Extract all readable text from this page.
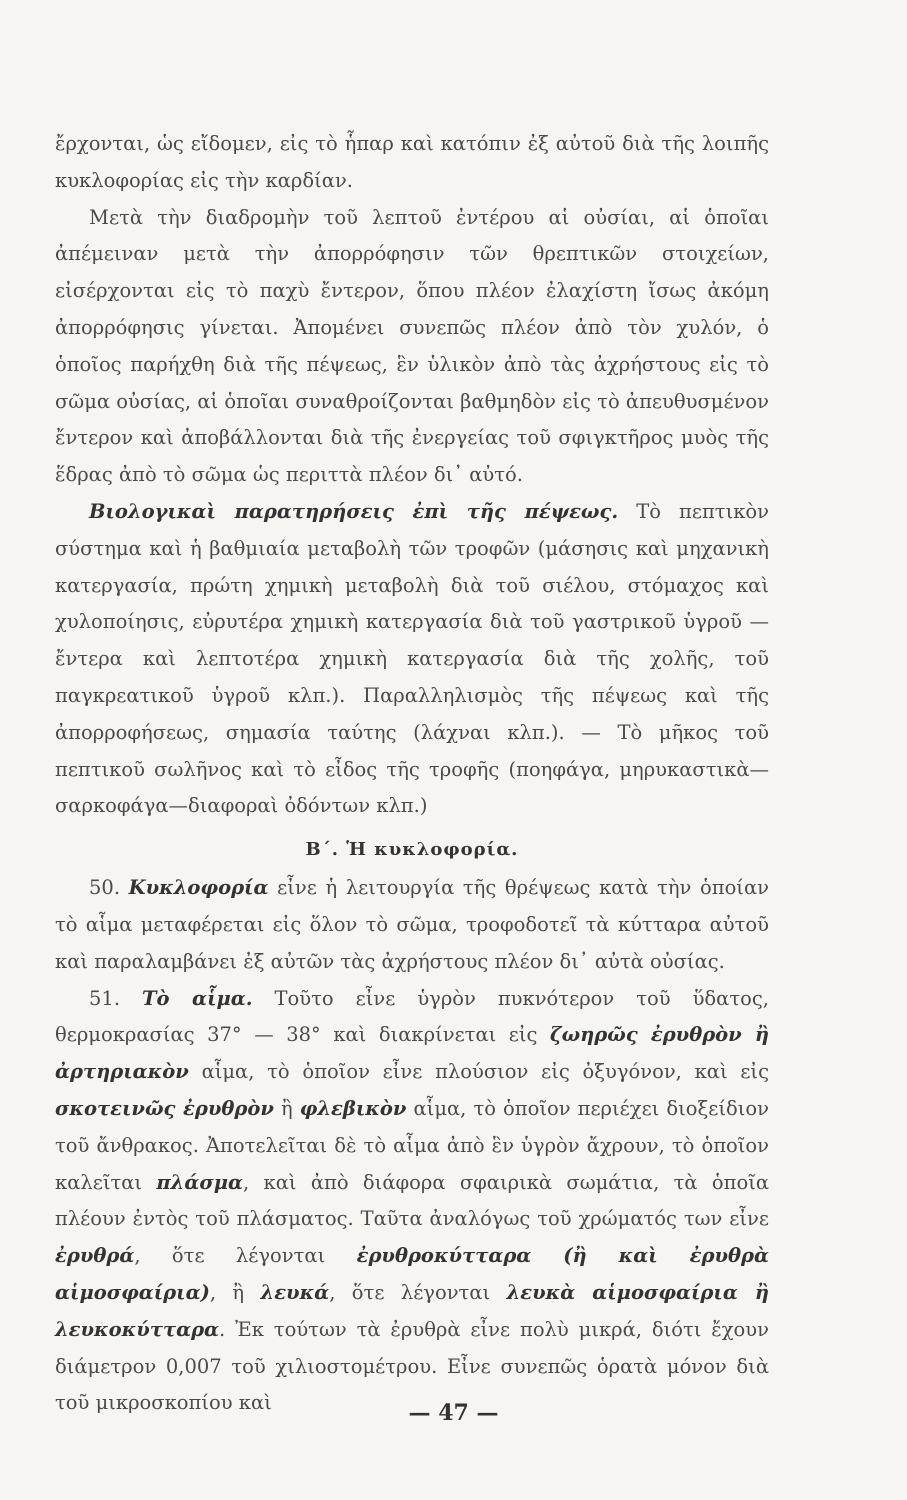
ἔρχονται, ὡς εἴδομεν, εἰς τὸ ἧπαρ καὶ κατόπιν ἐξ αὐτοῦ διὰ τῆς λοιπῆς κυκλοφορίας εἰς τὴν καρδίαν.

Μετὰ τὴν διαδρομὴν τοῦ λεπτοῦ ἐντέρου αἱ οὐσίαι, αἱ ὁποῖαι ἀπέμειναν μετὰ τὴν ἀπορρόφησιν τῶν θρεπτικῶν στοιχείων, εἰσέρχονται εἰς τὸ παχὺ ἔντερον, ὅπου πλέον ἐλαχίστη ἴσως ἀκόμη ἀπορρόφησις γίνεται. Ἀπομένει συνεπῶς πλέον ἀπὸ τὸν χυλόν, ὁ ὁποῖος παρήχθη διὰ τῆς πέψεως, ἓν ὑλικὸν ἀπὸ τὰς ἀχρήστους εἰς τὸ σῶμα οὐσίας, αἱ ὁποῖαι συναθροίζονται βαθμηδὸν εἰς τὸ ἀπευθυσμένον ἔντερον καὶ ἀποβάλλονται διὰ τῆς ἐνεργείας τοῦ σφιγκτῆρος μυὸς τῆς ἕδρας ἀπὸ τὸ σῶμα ὡς περιττὰ πλέον δι᾽ αὐτό.

Βιολογικαὶ παρατηρήσεις ἐπὶ τῆς πέψεως. Τὸ πεπτικὸν σύστημα καὶ ἡ βαθμιαία μεταβολὴ τῶν τροφῶν (μάσησις καὶ μηχανικὴ κατεργασία, πρώτη χημικὴ μεταβολὴ διὰ τοῦ σιέλου, στόμαχος καὶ χυλοποίησις, εὐρυτέρα χημικὴ κατεργασία διὰ τοῦ γαστρικοῦ ὑγροῦ — ἔντερα καὶ λεπτοτέρα χημικὴ κατεργασία διὰ τῆς χολῆς, τοῦ παγκρεατικοῦ ὑγροῦ κλπ.). Παραλληλισμὸς τῆς πέψεως καὶ τῆς ἀπορροφήσεως, σημασία ταύτης (λάχναι κλπ.). — Τὸ μῆκος τοῦ πεπτικοῦ σωλῆνος καὶ τὸ εἶδος τῆς τροφῆς (ποηφάγα, μηρυκαστικὰ—σαρκοφάγα—διαφοραὶ ὀδόντων κλπ.)

Β΄. Ἡ κυκλοφορία.

50. Κυκλοφορία εἶνε ἡ λειτουργία τῆς θρέψεως κατὰ τὴν ὁποίαν τὸ αἷμα μεταφέρεται εἰς ὅλον τὸ σῶμα, τροφοδοτεῖ τὰ κύτταρα αὐτοῦ καὶ παραλαμβάνει ἐξ αὐτῶν τὰς ἀχρήστους πλέον δι᾽ αὐτὰ οὐσίας.

51. Τὸ αἷμα. Τοῦτο εἶνε ὑγρὸν πυκνότερον τοῦ ὕδατος, θερμοκρασίας 37° — 38° καὶ διακρίνεται εἰς ζωηρῶς ἐρυθρὸν ἢ ἀρτηριακὸν αἷμα, τὸ ὁποῖον εἶνε πλούσιον εἰς ὀξυγόνον, καὶ εἰς σκοτεινῶς ἐρυθρὸν ἢ φλεβικὸν αἷμα, τὸ ὁποῖον περιέχει διοξείδιον τοῦ ἄνθρακος. Ἀποτελεῖται δὲ τὸ αἷμα ἀπὸ ἓν ὑγρὸν ἄχρουν, τὸ ὁποῖον καλεῖται πλάσμα, καὶ ἀπὸ διάφορα σφαιρικὰ σωμάτια, τὰ ὁποῖα πλέουν ἐντὸς τοῦ πλάσματος. Ταῦτα ἀναλόγως τοῦ χρώματός των εἶνε ἐρυθρά, ὅτε λέγονται ἐρυθροκύτταρα (ἢ καὶ ἐρυθρὰ αἱμοσφαίρια), ἢ λευκά, ὅτε λέγονται λευκὰ αἱμοσφαίρια ἢ λευκοκύτταρα. Ἐκ τούτων τὰ ἐρυθρὰ εἶνε πολὺ μικρά, διότι ἔχουν διάμετρον 0,007 τοῦ χιλιοστομέτρου. Εἶνε συνεπῶς ὁρατὰ μόνον διὰ τοῦ μικροσκοπίου καὶ	— 47 —
